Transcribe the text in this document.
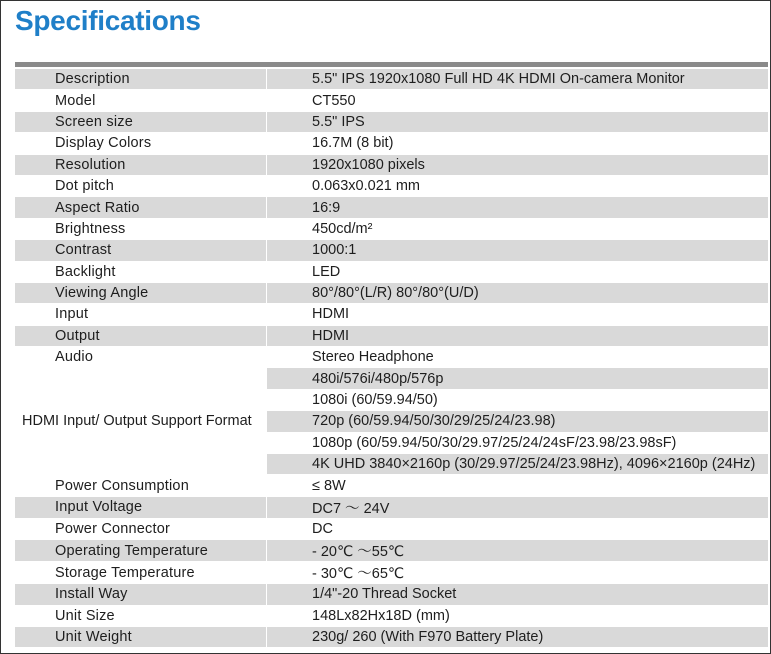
Specifications
Description		5.5" IPS 1920x1080 Full HD 4K HDMI On-camera Monitor
Model		CT550
Screen size		5.5" IPS
Display Colors		16.7M (8 bit)
Resolution		1920x1080 pixels
Dot pitch		0.063x0.021 mm
Aspect Ratio		16:9
Brightness		450cd/m²
Contrast		1000:1
Backlight		LED
Viewing Angle		80°/80°(L/R) 80°/80°(U/D)
Input		HDMI
Output		HDMI
Audio		Stereo Headphone
HDMI Input/ Output Support Format		480i/576i/480p/576p
	1080i (60/59.94/50)
	720p (60/59.94/50/30/29/25/24/23.98)
	1080p (60/59.94/50/30/29.97/25/24/24sF/23.98/23.98sF)
	4K UHD 3840×2160p (30/29.97/25/24/23.98Hz), 4096×2160p (24Hz)
Power Consumption		≤ 8W
Input Voltage		DC7 ～ 24V
Power Connector		DC
Operating Temperature		- 20℃ ～55℃
Storage Temperature		- 30℃ ～65℃
Install Way		1/4"-20 Thread Socket
Unit Size		148Lx82Hx18D (mm)
Unit Weight		230g/ 260 (With F970 Battery Plate)
